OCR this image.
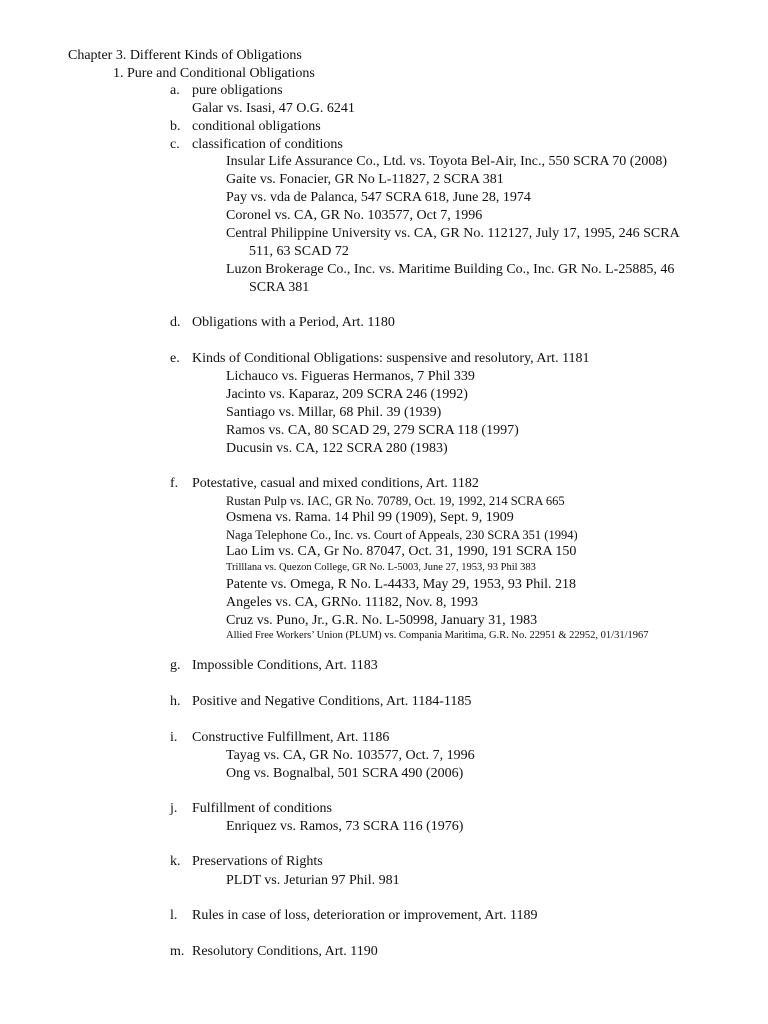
Chapter 3. Different Kinds of Obligations
1. Pure and Conditional Obligations
a. pure obligations
Galar vs. Isasi, 47 O.G. 6241
b. conditional obligations
c. classification of conditions
Insular Life Assurance Co., Ltd. vs. Toyota Bel-Air, Inc., 550 SCRA 70 (2008)
Gaite vs. Fonacier, GR No L-11827, 2 SCRA 381
Pay vs. vda de Palanca, 547 SCRA 618, June 28, 1974
Coronel vs. CA, GR No. 103577, Oct 7, 1996
Central Philippine University vs. CA, GR No. 112127, July 17, 1995, 246 SCRA
511, 63 SCAD 72
Luzon Brokerage Co., Inc. vs. Maritime Building Co., Inc. GR No. L-25885, 46
SCRA 381
d. Obligations with a Period, Art. 1180
e. Kinds of Conditional Obligations: suspensive and resolutory, Art. 1181
Lichauco vs. Figueras Hermanos, 7 Phil 339
Jacinto vs. Kaparaz, 209 SCRA 246 (1992)
Santiago vs. Millar, 68 Phil. 39 (1939)
Ramos vs. CA, 80 SCAD 29, 279 SCRA 118 (1997)
Ducusin vs. CA, 122 SCRA 280 (1983)
f. Potestative, casual and mixed conditions, Art. 1182
Rustan Pulp vs. IAC, GR No. 70789, Oct. 19, 1992, 214 SCRA 665
Osmena vs. Rama. 14 Phil 99 (1909), Sept. 9, 1909
Naga Telephone Co., Inc. vs. Court of Appeals, 230 SCRA 351 (1994)
Lao Lim vs. CA, Gr No. 87047, Oct. 31, 1990, 191 SCRA 150
Trilllana vs. Quezon College, GR No. L-5003, June 27, 1953, 93 Phil 383
Patente vs. Omega, R No. L-4433, May 29, 1953, 93 Phil. 218
Angeles vs. CA, GRNo. 11182, Nov. 8, 1993
Cruz vs. Puno, Jr., G.R. No. L-50998, January 31, 1983
Allied Free Workers’ Union (PLUM) vs. Compania Maritima, G.R. No. 22951 & 22952, 01/31/1967
g. Impossible Conditions, Art. 1183
h. Positive and Negative Conditions, Art. 1184-1185
i. Constructive Fulfillment, Art. 1186
Tayag vs. CA, GR No. 103577, Oct. 7, 1996
Ong vs. Bognalbal, 501 SCRA 490 (2006)
j. Fulfillment of conditions
Enriquez vs. Ramos, 73 SCRA 116 (1976)
k. Preservations of Rights
PLDT vs. Jeturian 97 Phil. 981
l. Rules in case of loss, deterioration or improvement, Art. 1189
m. Resolutory Conditions, Art. 1190
